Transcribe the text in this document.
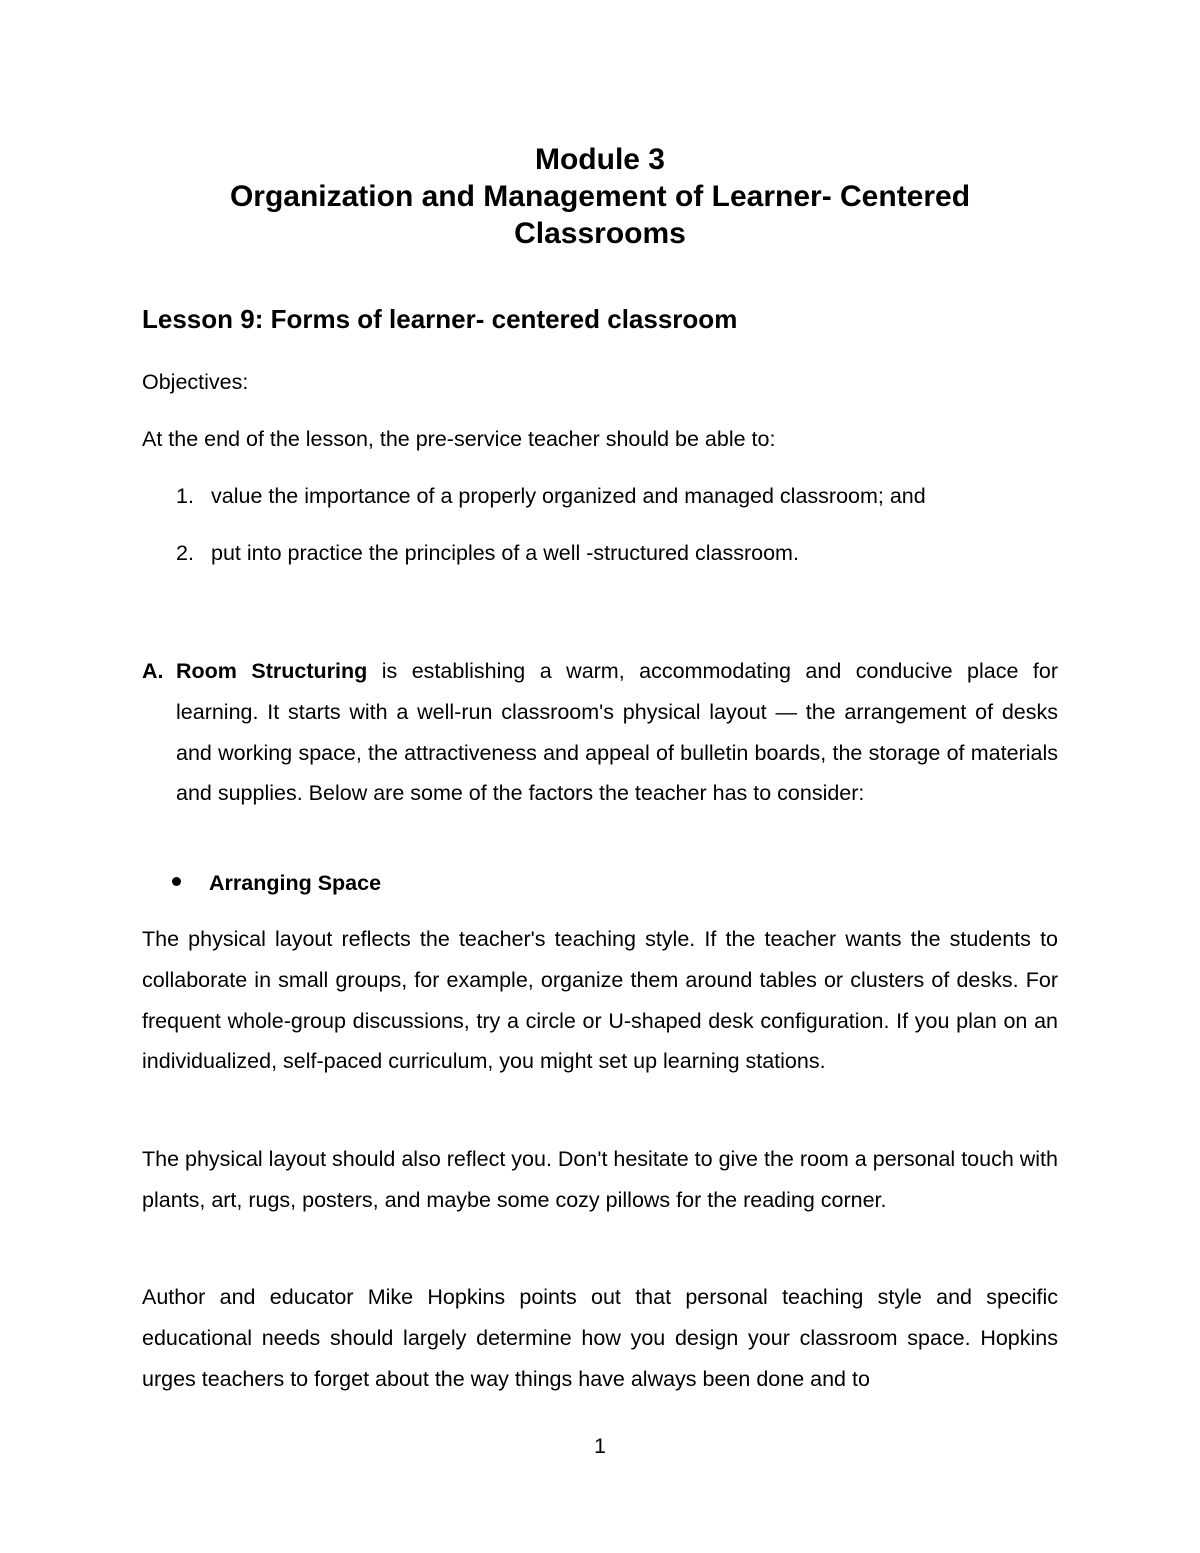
Module 3
Organization and Management of Learner- Centered
Classrooms
Lesson 9: Forms of learner- centered classroom
Objectives:
At the end of the lesson, the pre-service teacher should be able to:
1. value the importance of a properly organized and managed classroom; and
2. put into practice the principles of a well -structured classroom.
A. Room Structuring is establishing a warm, accommodating and conducive place for learning. It starts with a well-run classroom's physical layout — the arrangement of desks and working space, the attractiveness and appeal of bulletin boards, the storage of materials and supplies. Below are some of the factors the teacher has to consider:
Arranging Space

The physical layout reflects the teacher's teaching style. If the teacher wants the students to collaborate in small groups, for example, organize them around tables or clusters of desks. For frequent whole-group discussions, try a circle or U-shaped desk configuration. If you plan on an individualized, self-paced curriculum, you might set up learning stations.

The physical layout should also reflect you. Don't hesitate to give the room a personal touch with plants, art, rugs, posters, and maybe some cozy pillows for the reading corner.

Author and educator Mike Hopkins points out that personal teaching style and specific educational needs should largely determine how you design your classroom space. Hopkins urges teachers to forget about the way things have always been done and to

1
